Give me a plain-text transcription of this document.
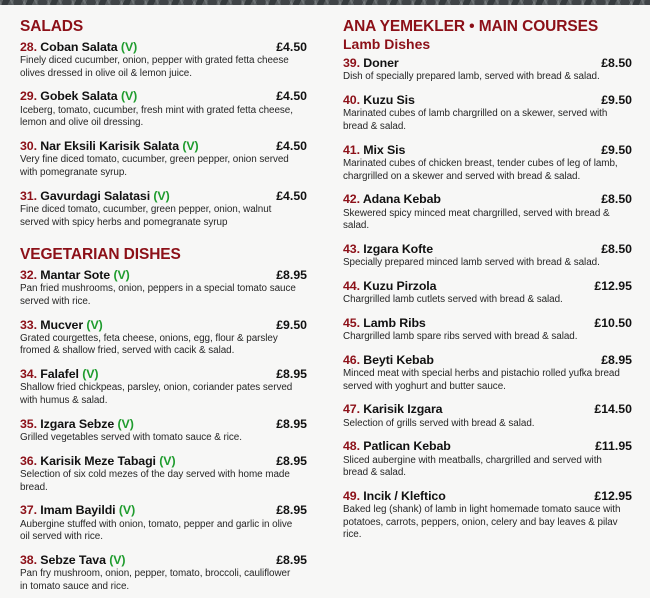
SALADS
28. Coban Salata (V)	£4.50
Finely diced cucumber, onion, pepper with grated fetta cheese olives dressed in olive oil & lemon juice.
29. Gobek Salata (V)	£4.50
Iceberg, tomato, cucumber, fresh mint with grated fetta cheese, lemon and olive oil dressing.
30. Nar Eksili Karisik Salata (V)	£4.50
Very fine diced tomato, cucumber, green pepper, onion served with pomegranate syrup.
31. Gavurdagi Salatasi (V)	£4.50
Fine diced tomato, cucumber, green pepper, onion, walnut served with spicy herbs and pomegranate syrup
VEGETARIAN DISHES
32. Mantar Sote (V)	£8.95
Pan fried mushrooms, onion, peppers in a special tomato sauce served with rice.
33. Mucver (V)	£9.50
Grated courgettes, feta cheese, onions, egg, flour & parsley fromed & shallow fried, served with cacik & salad.
34. Falafel (V)	£8.95
Shallow fried chickpeas, parsley, onion, coriander pates served with humus & salad.
35. Izgara Sebze (V)	£8.95
Grilled vegetables served with tomato sauce & rice.
36. Karisik Meze Tabagi (V)	£8.95
Selection of six cold mezes of the day served with home made bread.
37. Imam Bayildi (V)	£8.95
Aubergine stuffed with onion, tomato, pepper and garlic in olive oil served with rice.
38. Sebze Tava (V)	£8.95
Pan fry mushroom, onion, pepper, tomato, broccoli, cauliflower in tomato sauce and rice.
ANA YEMEKLER • MAIN COURSES
Lamb Dishes
39. Doner	£8.50
Dish of specially prepared lamb, served with bread & salad.
40. Kuzu Sis	£9.50
Marinated cubes of lamb chargrilled on a skewer, served with bread & salad.
41. Mix Sis	£9.50
Marinated cubes of chicken breast, tender cubes of leg of lamb, chargrilled on a skewer and served with bread & salad.
42. Adana Kebab	£8.50
Skewered spicy minced meat chargrilled, served with bread & salad.
43. Izgara Kofte	£8.50
Specially prepared minced lamb served with bread & salad.
44. Kuzu Pirzola	£12.95
Chargrilled lamb cutlets served with bread & salad.
45. Lamb Ribs	£10.50
Chargrilled lamb spare ribs served with bread & salad.
46. Beyti Kebab	£8.95
Minced meat with special herbs and pistachio rolled yufka bread served with yoghurt and butter sauce.
47. Karisik Izgara	£14.50
Selection of grills served with bread & salad.
48. Patlican Kebab	£11.95
Sliced aubergine with meatballs, chargrilled and served with bread & salad.
49. Incik / Kleftico	£12.95
Baked leg (shank) of lamb in light homemade tomato sauce with potatoes, carrots, peppers, onion, celery and bay leaves & pilav rice.
